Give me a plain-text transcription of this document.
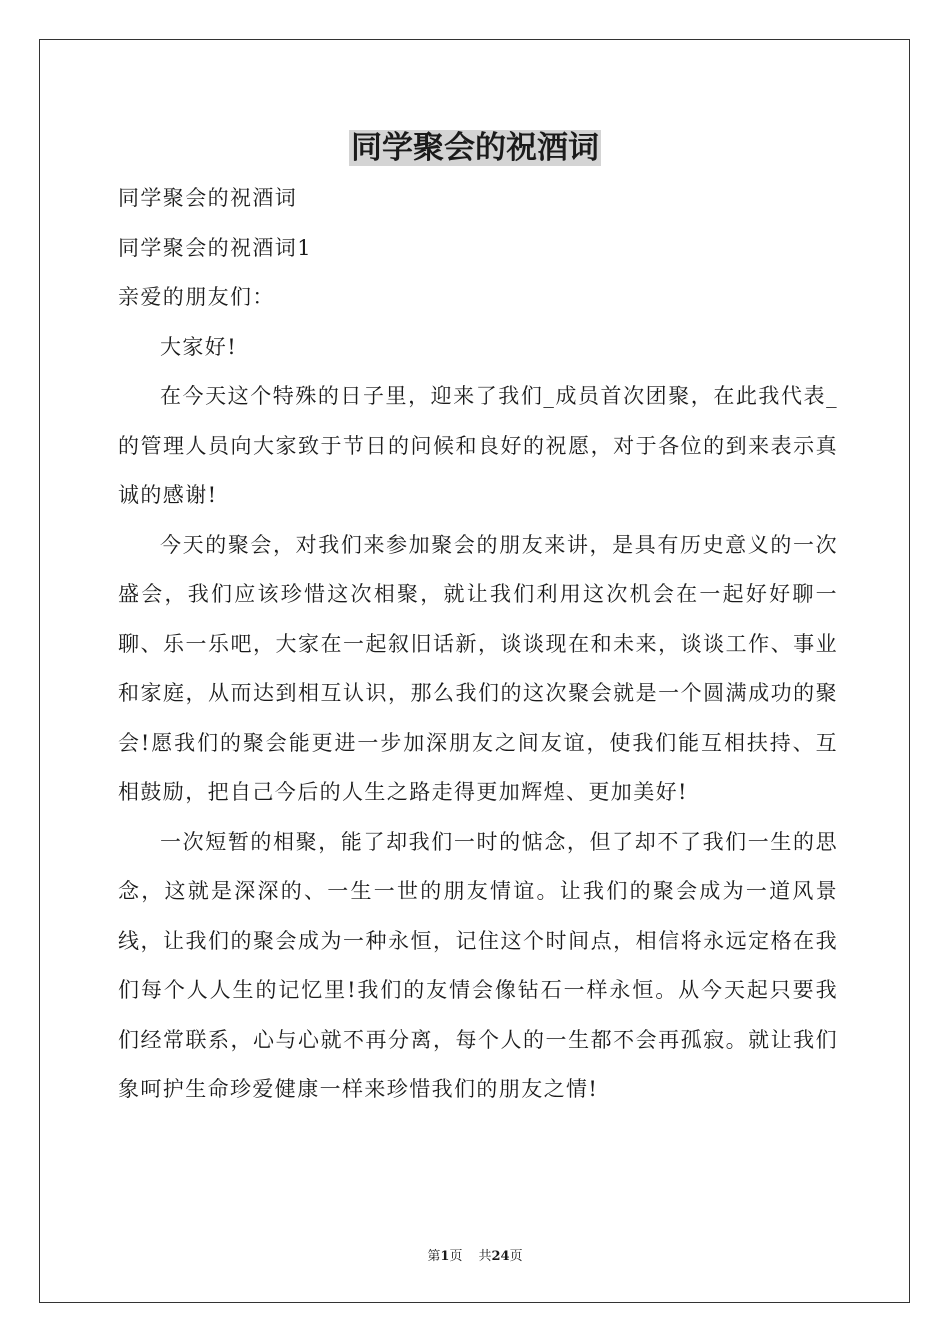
同学聚会的祝酒词

同学聚会的祝酒词

同学聚会的祝酒词1

亲爱的朋友们：

大家好!

在今天这个特殊的日子里，迎来了我们_成员首次团聚，在此我代表_的管理人员向大家致于节日的问候和良好的祝愿，对于各位的到来表示真诚的感谢!

今天的聚会，对我们来参加聚会的朋友来讲，是具有历史意义的一次盛会，我们应该珍惜这次相聚，就让我们利用这次机会在一起好好聊一聊、乐一乐吧，大家在一起叙旧话新，谈谈现在和未来，谈谈工作、事业和家庭，从而达到相互认识，那么我们的这次聚会就是一个圆满成功的聚会!愿我们的聚会能更进一步加深朋友之间友谊，使我们能互相扶持、互相鼓励，把自己今后的人生之路走得更加辉煌、更加美好!

一次短暂的相聚，能了却我们一时的惦念，但了却不了我们一生的思念，这就是深深的、一生一世的朋友情谊。让我们的聚会成为一道风景线，让我们的聚会成为一种永恒，记住这个时间点，相信将永远定格在我们每个人人生的记忆里!我们的友情会像钻石一样永恒。从今天起只要我们经常联系，心与心就不再分离，每个人的一生都不会再孤寂。就让我们象呵护生命珍爱健康一样来珍惜我们的朋友之情!

第1页 共24页
